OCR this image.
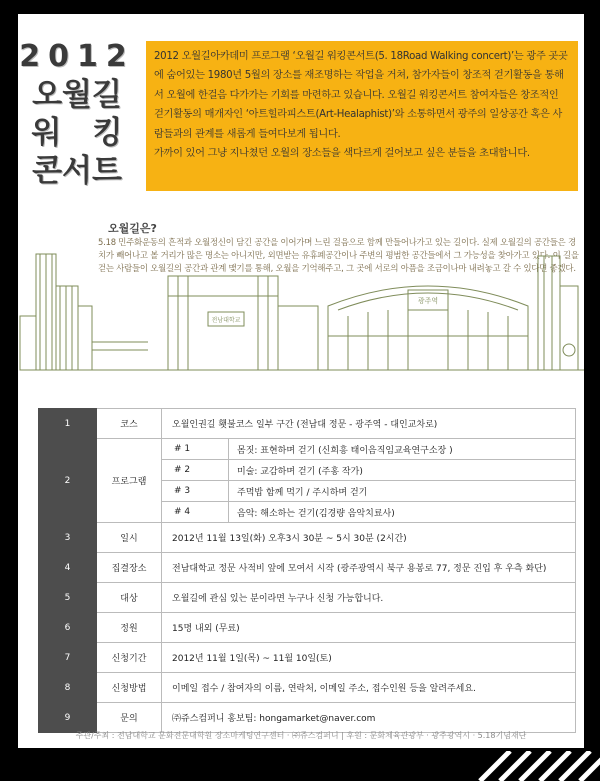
2012
오월길
워　킹
콘서트
2012 오월길아카데미 프로그램 ‘오월길 워킹콘서트(5. 18Road Walking concert)’는 광주 곳곳에 숨어있는 1980년 5월의 장소를 재조명하는 작업을 거쳐, 참가자들이 창조적 걷기활동을 통해서 오월에 한걸음 다가가는 기회를 마련하고 있습니다. 오월길 워킹콘서트 참여자들은 창조적인 걷기활동의 매개자인 ‘아트힐라피스트(Art-Healaphist)’와 소통하면서 광주의 일상공간 혹은 사람들과의 관계를 새롭게 들여다보게 됩니다.
가까이 있어 그냥 지나쳤던 오월의 장소들을 색다르게 걸어보고 싶은 분들을 초대합니다.
오월길은?
5.18 민주화운동의 흔적과 오월정신이 담긴 공간을 이어가며 느린 걸음으로 함께 만들어나가고 있는 길이다. 실제 오월길의 공간들은 경치가 빼어나고 볼 거리가 많은 명소는 아니지만, 외면받는 유휴폐공간이나 주변의 평범한 공간들에서 그 가능성을 찾아가고 있다. 이 길을 걷는 사람들이 오월길의 공간과 관계 맺기를 통해, 오월을 기억해주고, 그 곳에 서로의 아픔을 조금이나마 내려놓고 갈 수 있다면 좋겠다.
전남대학교
광주역
1	코스	오월인권길 횃불코스 일부 구간 (전남대 정문 - 광주역 - 대인교차로)	
2	프로그램	# 1	몸짓: 표현하며 걷기 (신희흥 태이음직임교육연구소장 )
		# 2	미술: 교감하며 걷기 (주홍 작가)
		# 3	주먹밥 함께 먹기 / 주시하며 걷기
		# 4	음악: 해소하는 걷기(김경량 음악치료사)
3	일시	2012년 11월 13일(화) 오후3시 30분 ~ 5시 30분 (2시간)	
4	집결장소	전남대학교 정문 사적비 앞에 모여서 시작 (광주광역시 북구 용봉로 77, 정문 진입 후 우측 화단)	
5	대상	오월길에 관심 있는 분이라면 누구나 신청 가능합니다.	
6	정원	15명 내외 (무료)	
7	신청기간	2012년 11월 1일(목) ~ 11월 10일(토)	
8	신청방법	이메일 접수 / 참여자의 이름, 연락처, 이메일 주소, 접수인원 등을 알려주세요.	
9	문의	㈜쥬스컴퍼니 홍보팀: hongamarket@naver.com	
주관/주최 : 전남대학교 문화전문대학원 장소마케팅연구센터 · ㈜쥬스컴퍼니 | 후원 : 문화체육관광부 · 광주광역시 · 5.18기념재단
